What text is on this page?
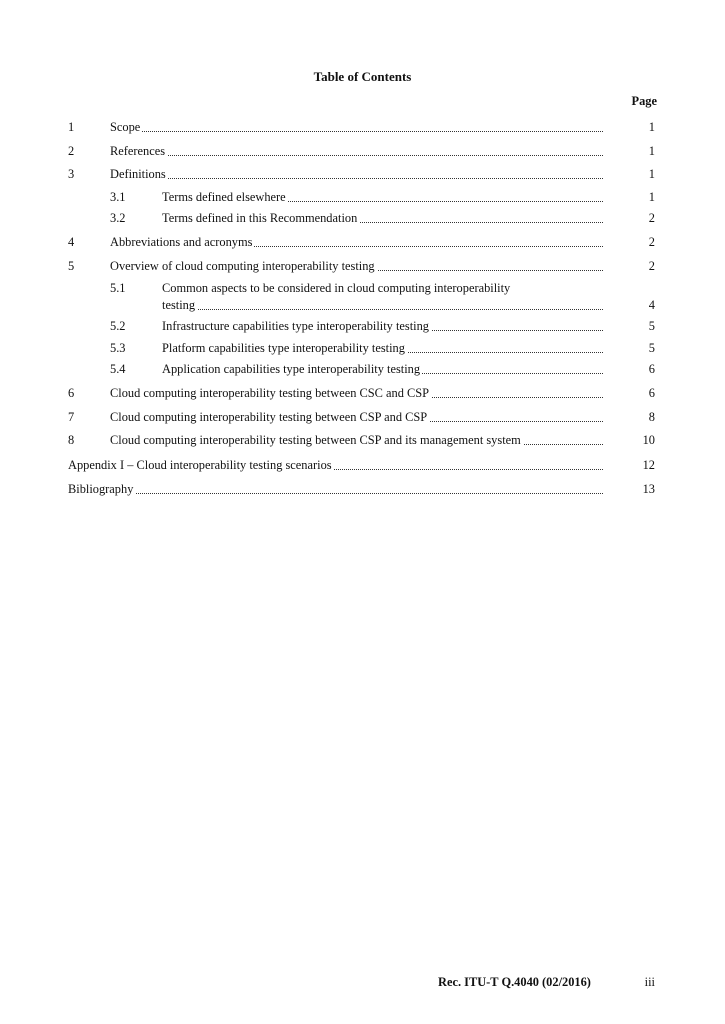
Table of Contents
Page
1	Scope	1
2	References	1
3	Definitions	1
3.1	Terms defined elsewhere	1
3.2	Terms defined in this Recommendation	2
4	Abbreviations and acronyms	2
5	Overview of cloud computing interoperability testing	2
5.1	Common aspects to be considered in cloud computing interoperability
testing	4
5.2	Infrastructure capabilities type interoperability testing	5
5.3	Platform capabilities type interoperability testing	5
5.4	Application capabilities type interoperability testing	6
6	Cloud computing interoperability testing between CSC and CSP	6
7	Cloud computing interoperability testing between CSP and CSP	8
8	Cloud computing interoperability testing between CSP and its management system	10
Appendix I – Cloud interoperability testing scenarios	12
Bibliography	13
Rec. ITU-T Q.4040 (02/2016)	iii
